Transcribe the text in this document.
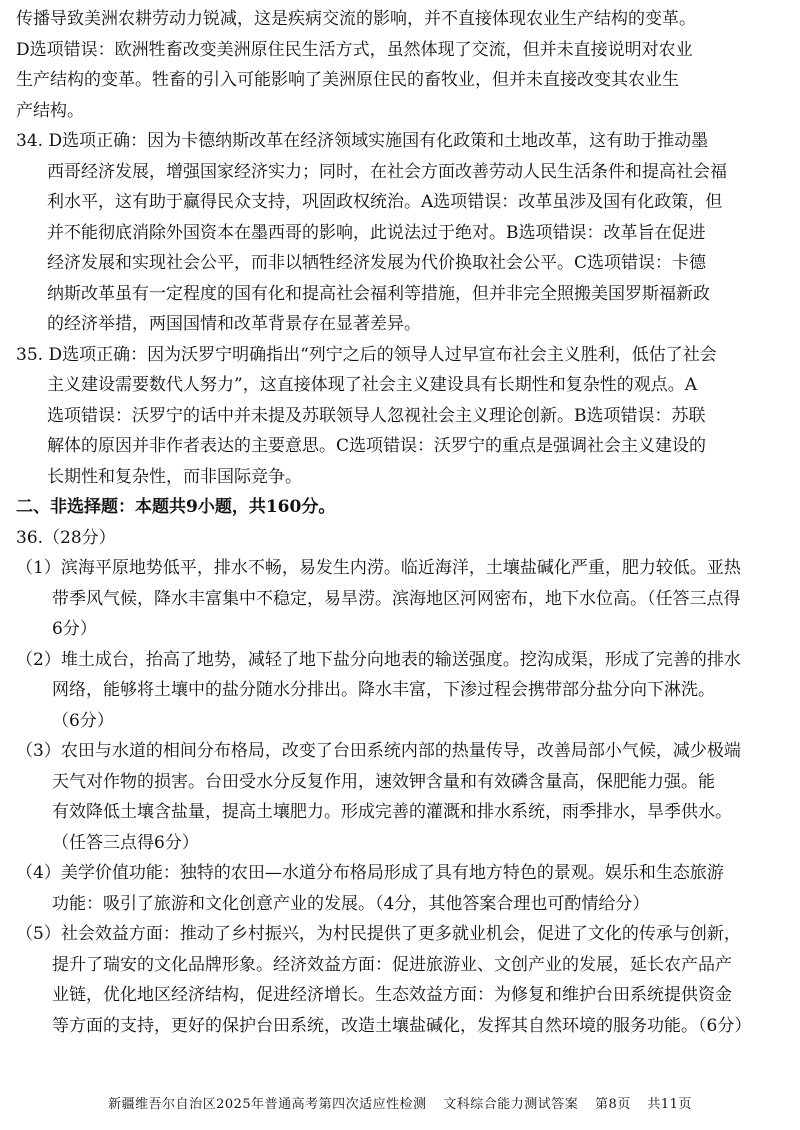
传播导致美洲农耕劳动力锐减，这是疾病交流的影响，并不直接体现农业生产结构的变革。
D选项错误：欧洲牲畜改变美洲原住民生活方式，虽然体现了交流，但并未直接说明对农业
生产结构的变革。牲畜的引入可能影响了美洲原住民的畜牧业，但并未直接改变其农业生
产结构。
34. D选项正确：因为卡德纳斯改革在经济领域实施国有化政策和土地改革，这有助于推动墨
西哥经济发展，增强国家经济实力；同时，在社会方面改善劳动人民生活条件和提高社会福
利水平，这有助于赢得民众支持，巩固政权统治。A选项错误：改革虽涉及国有化政策，但
并不能彻底消除外国资本在墨西哥的影响，此说法过于绝对。B选项错误：改革旨在促进
经济发展和实现社会公平，而非以牺牲经济发展为代价换取社会公平。C选项错误：卡德
纳斯改革虽有一定程度的国有化和提高社会福利等措施，但并非完全照搬美国罗斯福新政
的经济举措，两国国情和改革背景存在显著差异。
35. D选项正确：因为沃罗宁明确指出“列宁之后的领导人过早宣布社会主义胜利，低估了社会
主义建设需要数代人努力”，这直接体现了社会主义建设具有长期性和复杂性的观点。A
选项错误：沃罗宁的话中并未提及苏联领导人忽视社会主义理论创新。B选项错误：苏联
解体的原因并非作者表达的主要意思。C选项错误：沃罗宁的重点是强调社会主义建设的
长期性和复杂性，而非国际竞争。
二、非选择题：本题共9小题，共160分。
36.（28分）
（1）滨海平原地势低平，排水不畅，易发生内涝。临近海洋，土壤盐碱化严重，肥力较低。亚热
带季风气候，降水丰富集中不稳定，易旱涝。滨海地区河网密布，地下水位高。（任答三点得
6分）
（2）堆土成台，抬高了地势，减轻了地下盐分向地表的输送强度。挖沟成渠，形成了完善的排水
网络，能够将土壤中的盐分随水分排出。降水丰富，下渗过程会携带部分盐分向下淋洗。
（6分）
（3）农田与水道的相间分布格局，改变了台田系统内部的热量传导，改善局部小气候，减少极端
天气对作物的损害。台田受水分反复作用，速效钾含量和有效磷含量高，保肥能力强。能
有效降低土壤含盐量，提高土壤肥力。形成完善的灌溉和排水系统，雨季排水，旱季供水。
（任答三点得6分）
（4）美学价值功能：独特的农田—水道分布格局形成了具有地方特色的景观。娱乐和生态旅游
功能：吸引了旅游和文化创意产业的发展。（4分，其他答案合理也可酌情给分）
（5）社会效益方面：推动了乡村振兴，为村民提供了更多就业机会，促进了文化的传承与创新，
提升了瑞安的文化品牌形象。经济效益方面：促进旅游业、文创产业的发展，延长农产品产
业链，优化地区经济结构，促进经济增长。生态效益方面：为修复和维护台田系统提供资金
等方面的支持，更好的保护台田系统，改造土壤盐碱化，发挥其自然环境的服务功能。（6分）
新疆维吾尔自治区2025年普通高考第四次适应性检测 文科综合能力测试答案 第8页 共11页
